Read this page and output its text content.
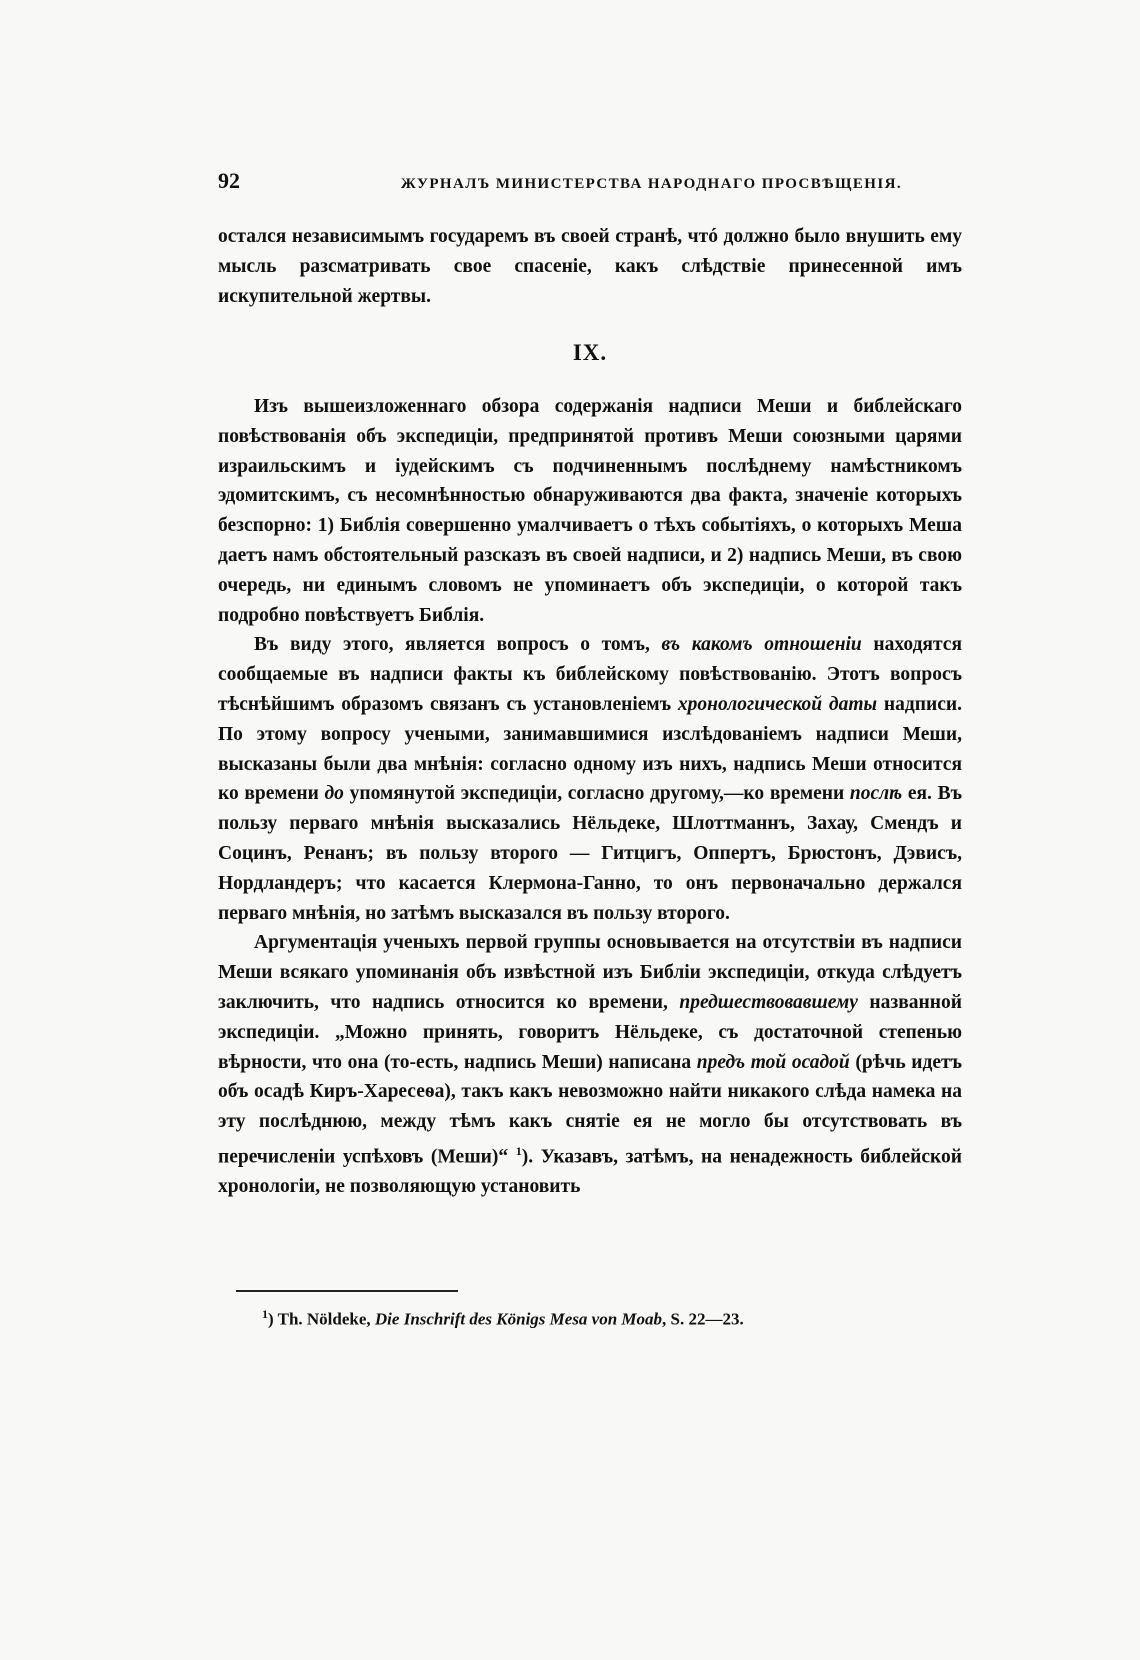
92	ЖУРНАЛЪ МИНИСТЕРСТВА НАРОДНАГО ПРОСВѢЩЕНІЯ.

остался независимымъ государемъ въ своей странѣ, чтó должно было внушить ему мысль разсматривать свое спасеніе, какъ слѣдствіе принесенной имъ искупительной жертвы.

IX.

Изъ вышеизложеннаго обзора содержанія надписи Меши и библейскаго повѣствованія объ экспедиціи, предпринятой противъ Меши союзными царями израильскимъ и іудейскимъ съ подчиненнымъ послѣднему намѣстникомъ эдомитскимъ, съ несомнѣнностью обнаруживаются два факта, значеніе которыхъ безспорно: 1) Библія совершенно умалчиваетъ о тѣхъ событіяхъ, о которыхъ Меша даетъ намъ обстоятельный разсказъ въ своей надписи, и 2) надпись Меши, въ свою очередь, ни единымъ словомъ не упоминаетъ объ экспедиціи, о которой такъ подробно повѣствуетъ Библія.

Въ виду этого, является вопросъ о томъ, въ какомъ отношеніи находятся сообщаемые въ надписи факты къ библейскому повѣствованію. Этотъ вопросъ тѣснѣйшимъ образомъ связанъ съ установленіемъ хронологической даты надписи. По этому вопросу учеными, занимавшимися изслѣдованіемъ надписи Меши, высказаны были два мнѣнія: согласно одному изъ нихъ, надпись Меши относится ко времени до упомянутой экспедиціи, согласно другому,—ко времени послѣ ея. Въ пользу перваго мнѣнія высказались Нёльдеке, Шлоттманнъ, Захау, Смендъ и Социнъ, Ренанъ; въ пользу второго — Гитцигъ, Оппертъ, Брюстонъ, Дэвисъ, Нордландеръ; что касается Клермона-Ганно, то онъ первоначально держался перваго мнѣнія, но затѣмъ высказался въ пользу второго.

Аргументація ученыхъ первой группы основывается на отсутствіи въ надписи Меши всякаго упоминанія объ извѣстной изъ Библіи экспедиціи, откуда слѣдуетъ заключить, что надпись относится ко времени, предшествовавшему названной экспедиціи. „Можно принять, говоритъ Нёльдеке, съ достаточной степенью вѣрности, что она (то-есть, надпись Меши) написана предъ той осадой (рѣчь идетъ объ осадѣ Киръ-Харесеѳа), такъ какъ невозможно найти никакого слѣда намека на эту послѣднюю, между тѣмъ какъ снятіе ея не могло бы отсутствовать въ перечисленіи успѣховъ (Меши)“ $^1$). Указавъ, затѣмъ, на ненадежность библейской хронологіи, не позволяющую установить

$^1$) Th. Nöldeke, Die Inschrift des Königs Mesa von Moab, S. 22—23.
